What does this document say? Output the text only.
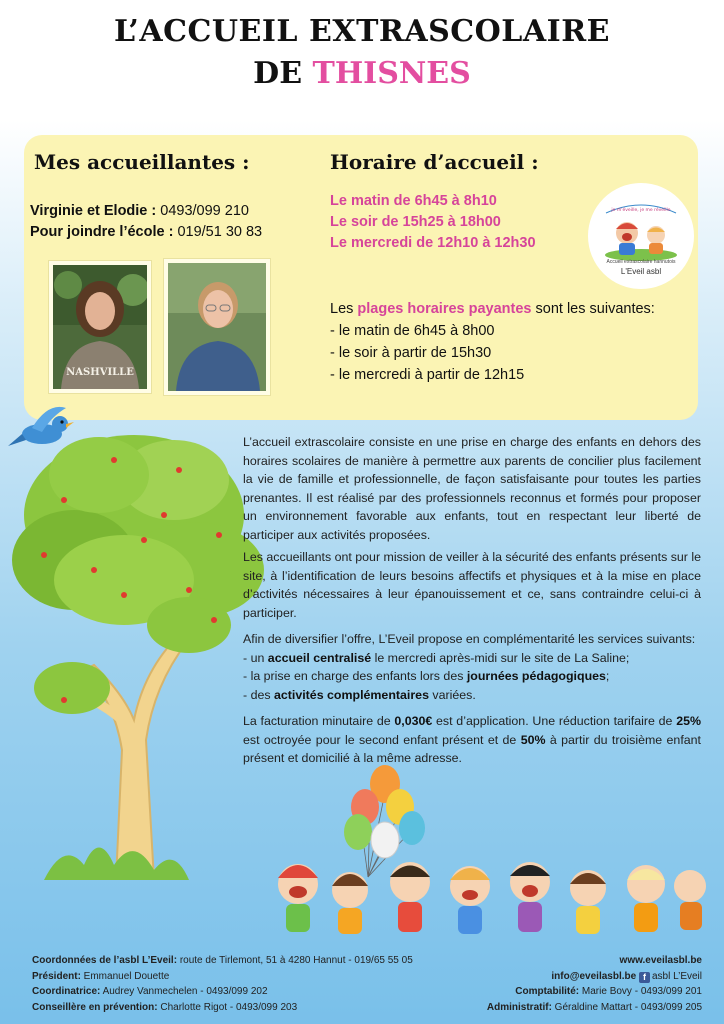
L’ACCUEIL EXTRASCOLAIRE
DE THISNES
Mes accueillantes :	Horaire d’accueil :
Virginie et Elodie : 0493/099 210
Pour joindre l’école : 019/51 30 83
NASHVILLE
Le matin de 6h45 à 8h10
Le soir de 15h25 à 18h00
Le mercredi de 12h10 à 12h30
Les plages horaires payantes sont les suivantes:
- le matin de 6h45 à 8h00
- le soir à partir de 15h30
- le mercredi à partir de 12h15
je m'éveille, je me réveille
Accueil extrascolaire hannutois
L'Eveil asbl
L’accueil extrascolaire consiste en une prise en charge des enfants en dehors des horaires scolaires de manière à permettre aux parents de concilier plus facilement la vie de famille et professionnelle, de façon satisfaisante pour toutes les parties prenantes. Il est réalisé par des professionnels reconnus et formés pour proposer un environnement favorable aux enfants, tout en respectant leur liberté de participer aux activités proposées.
Les accueillants ont pour mission de veiller à la sécurité des enfants présents sur le site, à l’identification de leurs besoins affectifs et physiques et à la mise en place d’activités nécessaires à leur épanouissement et ce, sans contraindre celui-ci à participer.

Afin de diversifier l’offre, L’Eveil propose en complémentarité les services suivants:

- un accueil centralisé le mercredi après-midi sur le site de La Saline;

- la prise en charge des enfants lors des journées pédagogiques;

- des activités complémentaires variées.

La facturation minutaire de 0,030€ est d’application. Une réduction tarifaire de 25% est octroyée pour le second enfant présent et de 50% à partir du troisième enfant présent et domicilié à la même adresse.
Coordonnées de l’asbl L’Eveil: route de Tirlemont, 51 à 4280 Hannut - 019/65 55 05
Président: Emmanuel Douette
Coordinatrice: Audrey Vanmechelen - 0493/099 202
Conseillère en prévention: Charlotte Rigot - 0493/099 203
www.eveilasbl.be
info@eveilasbl.be f asbl L’Eveil
Comptabilité: Marie Bovy - 0493/099 201
Administratif: Géraldine Mattart - 0493/099 205
